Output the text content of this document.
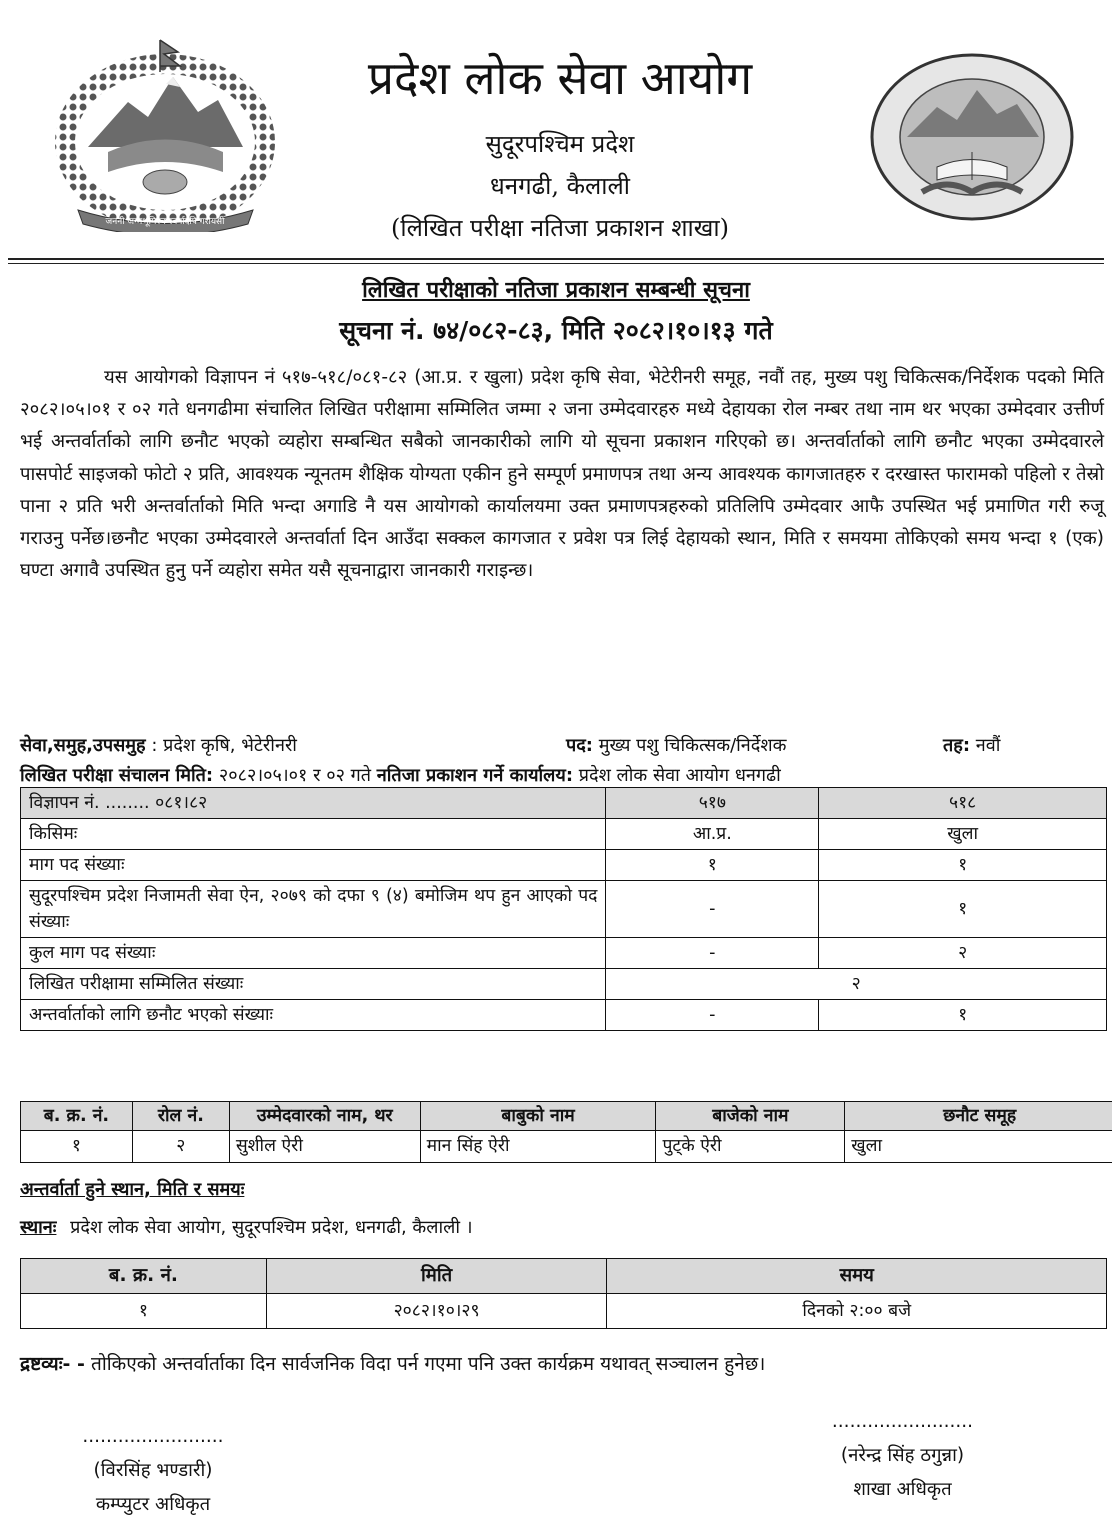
जननी जन्मभूमिश्च स्वर्गादपि गरीयसी
प्रदेश लोक सेवा आयोग
सुदूरपश्चिम प्रदेश
धनगढी, कैलाली
(लिखित परीक्षा नतिजा प्रकाशन शाखा)
लिखित परीक्षाको नतिजा प्रकाशन सम्बन्धी सूचना
सूचना नं. ७४/०८२-८३, मिति २०८२।१०।१३ गते
यस आयोगको विज्ञापन नं ५१७-५१८/०८१-८२ (आ.प्र. र खुला) प्रदेश कृषि सेवा, भेटेरीनरी समूह, नवौं तह, मुख्य पशु चिकित्सक/निर्देशक पदको मिति २०८२।०५।०१ र ०२ गते धनगढीमा संचालित लिखित परीक्षामा सम्मिलित जम्मा २ जना उम्मेदवारहरु मध्ये देहायका रोल नम्बर तथा नाम थर भएका उम्मेदवार उत्तीर्ण भई अन्तर्वार्ताको लागि छनौट भएको व्यहोरा सम्बन्धित सबैको जानकारीको लागि यो सूचना प्रकाशन गरिएको छ। अन्तर्वार्ताको लागि छनौट भएका उम्मेदवारले पासपोर्ट साइजको फोटो २ प्रति, आवश्यक न्यूनतम शैक्षिक योग्यता एकीन हुने सम्पूर्ण प्रमाणपत्र तथा अन्य आवश्यक कागजातहरु र दरखास्त फारामको पहिलो र तेस्रो पाना २ प्रति भरी अन्तर्वार्ताको मिति भन्दा अगाडि नै यस आयोगको कार्यालयमा उक्त प्रमाणपत्रहरुको प्रतिलिपि उम्मेदवार आफै उपस्थित भई प्रमाणित गरी रुजू गराउनु पर्नेछ।छनौट भएका उम्मेदवारले अन्तर्वार्ता दिन आउँदा सक्कल कागजात र प्रवेश पत्र लिई देहायको स्थान, मिति र समयमा तोकिएको समय भन्दा १ (एक) घण्टा अगावै उपस्थित हुनु पर्ने व्यहोरा समेत यसै सूचनाद्वारा जानकारी गराइन्छ।
सेवा,समुह,उपसमुह : प्रदेश कृषि, भेटेरीनरी	पद: मुख्य पशु चिकित्सक/निर्देशक	तह: नवौं
लिखित परीक्षा संचालन मिति: २०८२।०५।०१ र ०२ गते नतिजा प्रकाशन गर्ने कार्यालय: प्रदेश लोक सेवा आयोग धनगढी
विज्ञापन नं. ........ ०८१।८२	५१७	५१८
किसिमः	आ.प्र.	खुला
माग पद संख्याः	१	१
सुदूरपश्चिम प्रदेश निजामती सेवा ऐन, २०७९ को दफा ९ (४) बमोजिम थप हुन आएको पद संख्याः	-	१
कुल माग पद संख्याः	-	२
लिखित परीक्षामा सम्मिलित संख्याः	२	
अन्तर्वार्ताको लागि छनौट भएको संख्याः	-	१
ब. क्र. नं.	रोल नं.	उम्मेदवारको नाम, थर	बाबुको नाम	बाजेको नाम	छनौट समूह
१	२	सुशील ऐरी	मान सिंह ऐरी	पुट्के ऐरी	खुला
अन्तर्वार्ता हुने स्थान, मिति र समयः
स्थानः प्रदेश लोक सेवा आयोग, सुदूरपश्चिम प्रदेश, धनगढी, कैलाली ।
ब. क्र. नं.	मिति	समय
१	२०८२।१०।२९	दिनको २:०० बजे
द्रष्टव्यः- - तोकिएको अन्तर्वार्ताका दिन सार्वजनिक विदा पर्न गएमा पनि उक्त कार्यक्रम यथावत् सञ्चालन हुनेछ।
........................
(विरसिंह भण्डारी)
कम्प्युटर अधिकृत
........................
(नरेन्द्र सिंह ठगुन्ना)
शाखा अधिकृत
